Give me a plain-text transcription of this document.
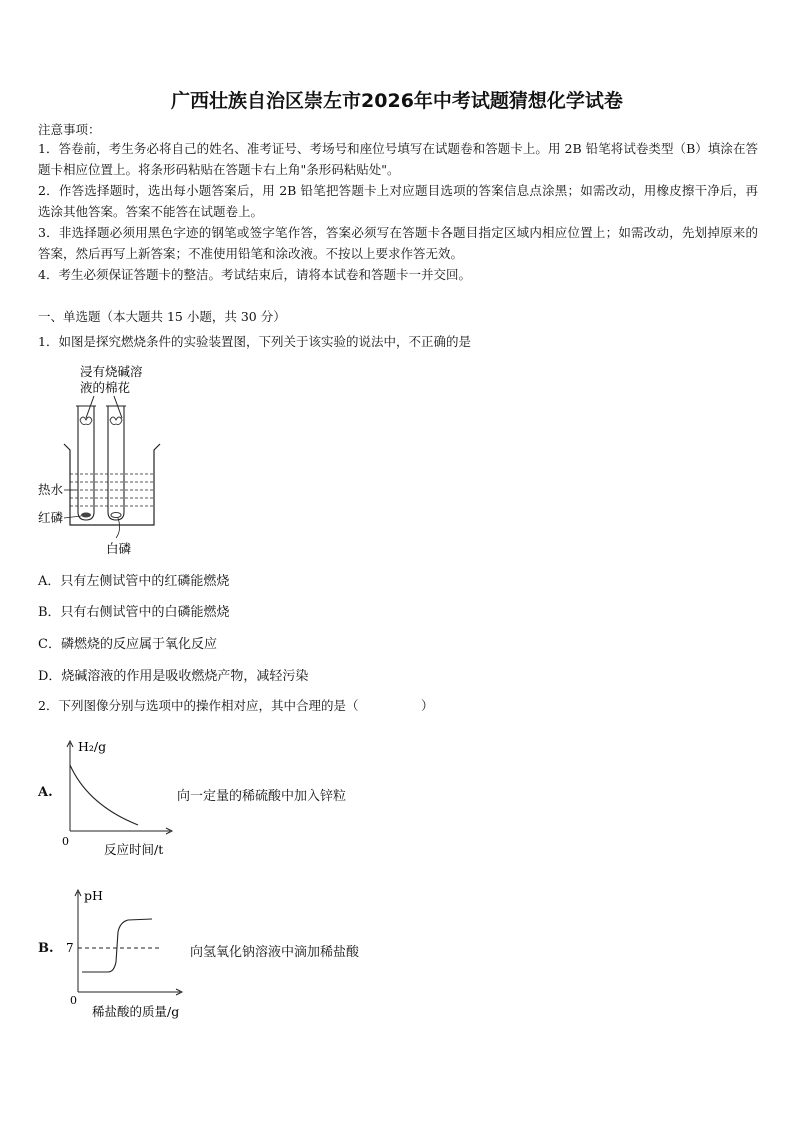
广西壮族自治区崇左市2026年中考试题猜想化学试卷
注意事项：
1．答卷前，考生务必将自己的姓名、准考证号、考场号和座位号填写在试题卷和答题卡上。用 2B 铅笔将试卷类型（B）填涂在答题卡相应位置上。将条形码粘贴在答题卡右上角"条形码粘贴处"。
2．作答选择题时，选出每小题答案后，用 2B 铅笔把答题卡上对应题目选项的答案信息点涂黑；如需改动，用橡皮擦干净后，再选涂其他答案。答案不能答在试题卷上。
3．非选择题必须用黑色字迹的钢笔或签字笔作答，答案必须写在答题卡各题目指定区域内相应位置上；如需改动，先划掉原来的答案，然后再写上新答案；不准使用铅笔和涂改液。不按以上要求作答无效。
4．考生必须保证答题卡的整洁。考试结束后，请将本试卷和答题卡一并交回。
一、单选题（本大题共 15 小题，共 30 分）
1．如图是探究燃烧条件的实验装置图，下列关于该实验的说法中，不正确的是
浸有烧碱溶
液的棉花
热水
红磷
白磷
A．只有左侧试管中的红磷能燃烧
B．只有右侧试管中的白磷能燃烧
C．磷燃烧的反应属于氧化反应
D．烧碱溶液的作用是吸收燃烧产物，减轻污染
2．下列图像分别与选项中的操作相对应，其中合理的是（　　　　　）
A.
H₂/g
0
反应时间/t
向一定量的稀硫酸中加入锌粒
B.
pH
7
0
稀盐酸的质量/g
向氢氧化钠溶液中滴加稀盐酸
